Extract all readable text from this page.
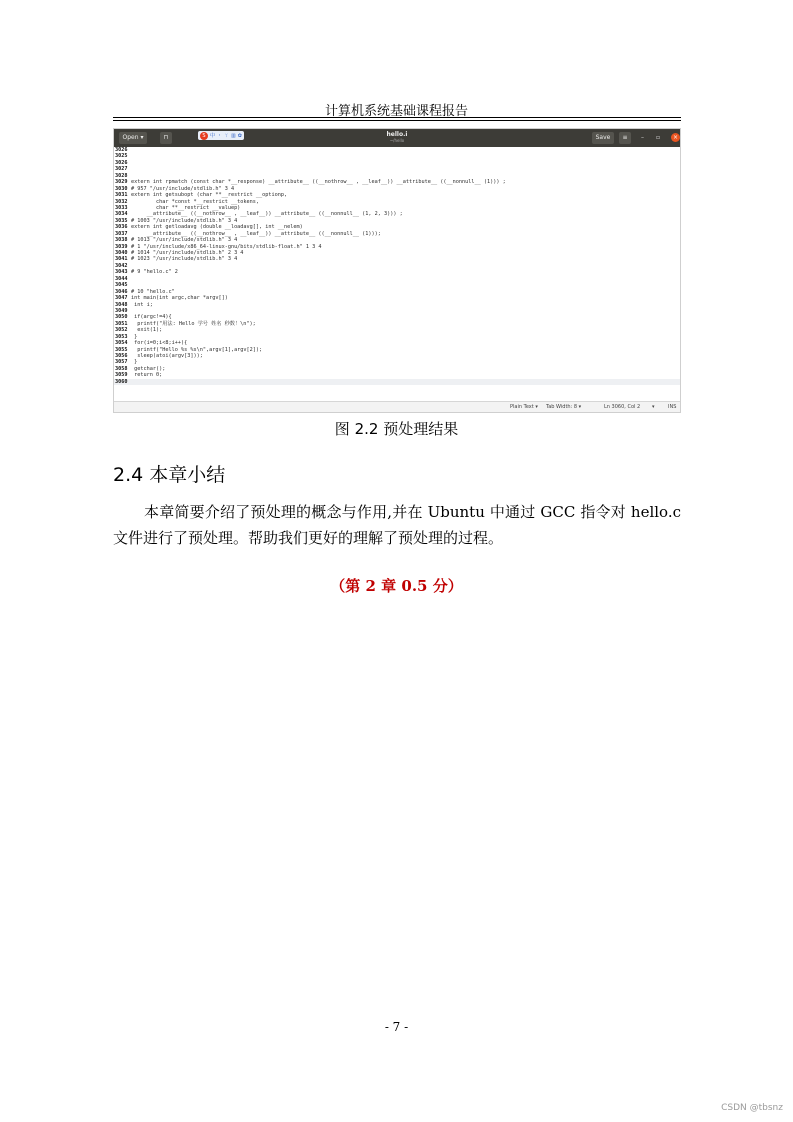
计算机系统基础课程报告
Open ▾	⊓	S 中 ・ ㄚ ▥ ✿	hello.i
~/hello	Save	≡	– ▫	×
3026
3025
3026
3027
3028
3029 extern int rpmatch (const char *__response) __attribute__ ((__nothrow__ , __leaf__)) __attribute__ ((__nonnull__ (1))) ;
3030 # 957 "/usr/include/stdlib.h" 3 4
3031 extern int getsubopt (char **__restrict __optionp,
3032        char *const *__restrict __tokens,
3033        char **__restrict __valuep)
3034     __attribute__ ((__nothrow__ , __leaf__)) __attribute__ ((__nonnull__ (1, 2, 3))) ;
3035 # 1003 "/usr/include/stdlib.h" 3 4
3036 extern int getloadavg (double __loadavg[], int __nelem)
3037     __attribute__ ((__nothrow__ , __leaf__)) __attribute__ ((__nonnull__ (1)));
3038 # 1013 "/usr/include/stdlib.h" 3 4
3039 # 1 "/usr/include/x86_64-linux-gnu/bits/stdlib-float.h" 1 3 4
3040 # 1014 "/usr/include/stdlib.h" 2 3 4
3041 # 1023 "/usr/include/stdlib.h" 3 4
3042
3043 # 9 "hello.c" 2
3044
3045
3046 # 10 "hello.c"
3047 int main(int argc,char *argv[])
3048 int i;
3049
3050 if(argc!=4){
3051  printf("用法: Hello 学号 姓名 秒数！\n");
3052  exit(1);
3053 }
3054 for(i=0;i<8;i++){
3055  printf("Hello %s %s\n",argv[1],argv[2]);
3056  sleep(atoi(argv[3]));
3057 }
3058 getchar();
3059 return 0;
3060
Plain Text ▾ Tab Width: 8 ▾	Ln 3060, Col 2 ▾	INS
图 2.2 预处理结果
2.4 本章小结
本章简要介绍了预处理的概念与作用,并在 Ubuntu 中通过 GCC 指令对 hello.c 文件进行了预处理。帮助我们更好的理解了预处理的过程。
（第 2 章 0.5 分）
- 7 -
CSDN @tbsnz
